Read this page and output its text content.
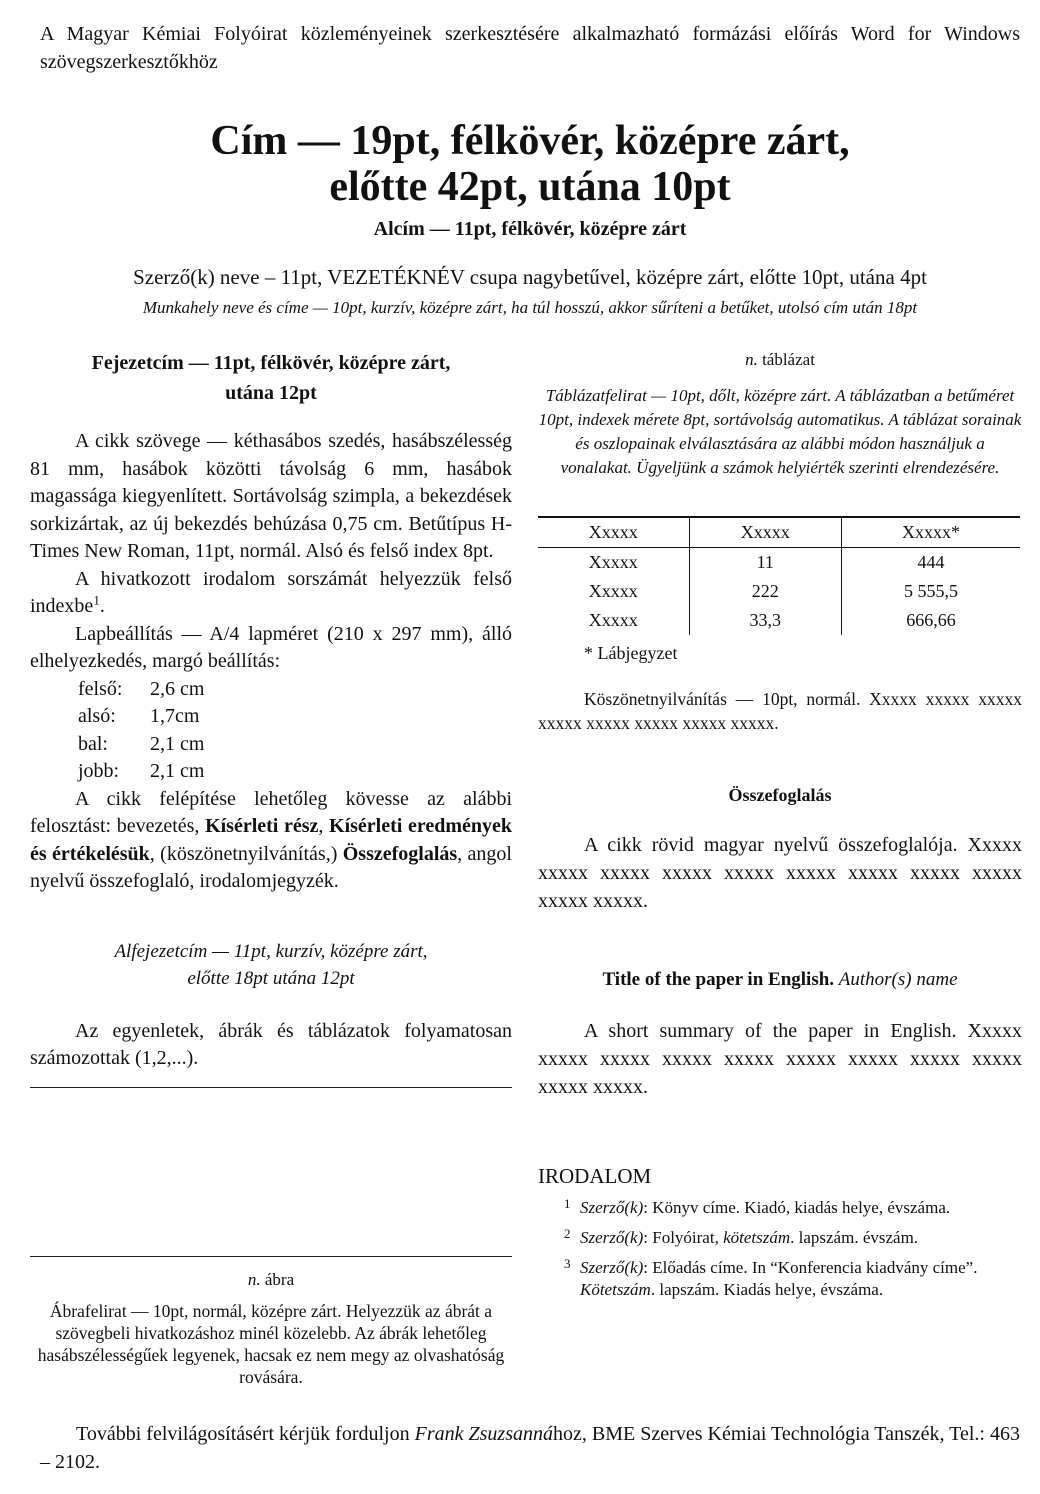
A Magyar Kémiai Folyóirat közleményeinek szerkesztésére alkalmazható formázási előírás Word for Windows szövegszerkesztőkhöz
Cím — 19pt, félkövér, középre zárt,
előtte 42pt, utána 10pt
Alcím — 11pt, félkövér, középre zárt
Szerző(k) neve – 11pt, VEZETÉKNÉV csupa nagybetűvel, középre zárt, előtte 10pt, utána 4pt
Munkahely neve és címe — 10pt, kurzív, középre zárt, ha túl hosszú, akkor sűríteni a betűket, utolsó cím után 18pt
Fejezetcím — 11pt, félkövér, középre zárt,
utána 12pt
A cikk szövege — kéthasábos szedés, hasábszélesség 81 mm, hasábok közötti távolság 6 mm, hasábok magassága kiegyenlített. Sortávolság szimpla, a bekezdések sorkizártak, az új bekezdés behúzása 0,75 cm. Betűtípus H-Times New Roman, 11pt, normál. Alsó és felső index 8pt.
A hivatkozott irodalom sorszámát helyezzük felső indexbe$^1$.
Lapbeállítás — A/4 lapméret (210 x 297 mm), álló elhelyezkedés, margó beállítás:
felső: 2,6 cm
alsó: 1,7cm
bal: 2,1 cm
jobb: 2,1 cm
A cikk felépítése lehetőleg kövesse az alábbi felosztást: bevezetés, Kísérleti rész, Kísérleti eredmények és értékelésük, (köszönetnyilvánítás,) Összefoglalás, angol nyelvű összefoglaló, irodalomjegyzék.
Alfejezetcím — 11pt, kurzív, középre zárt,
előtte 18pt utána 12pt
Az egyenletek, ábrák és táblázatok folyamatosan számozottak (1,2,...).
n. ábra
Ábrafelirat — 10pt, normál, középre zárt. Helyezzük az ábrát a szövegbeli hivatkozáshoz minél közelebb. Az ábrák lehetőleg hasábszélességűek legyenek, hacsak ez nem megy az olvashatóság rovására.
n. táblázat
Táblázatfelirat — 10pt, dőlt, középre zárt. A táblázatban a betűméret 10pt, indexek mérete 8pt, sortávolság automatikus. A táblázat sorainak és oszlopainak elválasztására az alábbi módon használjuk a vonalakat. Ügyeljünk a számok helyiérték szerinti elrendezésére.
Xxxxx	Xxxxx	Xxxxx*
Xxxxx	11	444
Xxxxx	222	5 555,5
Xxxxx	33,3	666,66
* Lábjegyzet
Köszönetnyilvánítás — 10pt, normál. Xxxxx xxxxx xxxxx xxxxx xxxxx xxxxx xxxxx xxxxx.
Összefoglalás
A cikk rövid magyar nyelvű összefoglalója. Xxxxx xxxxx xxxxx xxxxx xxxxx xxxxx xxxxx xxxxx xxxxx xxxxx xxxxx.
Title of the paper in English. Author(s) name
A short summary of the paper in English. Xxxxx xxxxx xxxxx xxxxx xxxxx xxxxx xxxxx xxxxx xxxxx xxxxx xxxxx.
IRODALOM
1 Szerző(k): Könyv címe. Kiadó, kiadás helye, évszáma.
2 Szerző(k): Folyóirat, kötetszám. lapszám. évszám.
3 Szerző(k): Előadás címe. In “Konferencia kiadvány címe”. Kötetszám. lapszám. Kiadás helye, évszáma.
További felvilágosításért kérjük forduljon Frank Zsuzsannához, BME Szerves Kémiai Technológia Tanszék, Tel.: 463 – 2102.
